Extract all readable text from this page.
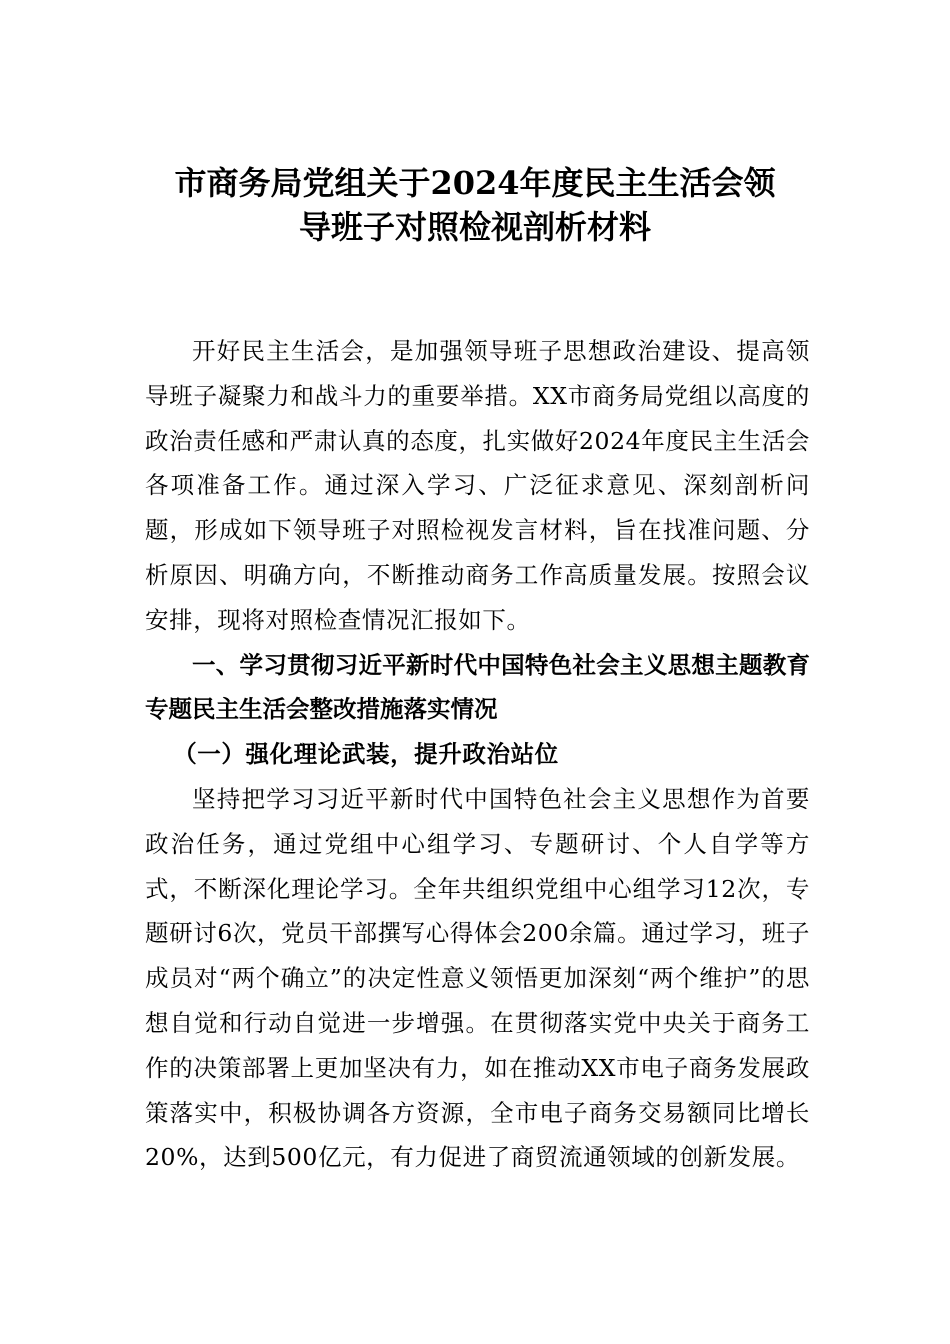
市商务局党组关于2024年度民主生活会领
导班子对照检视剖析材料

开好民主生活会，是加强领导班子思想政治建设、提高领导班子凝聚力和战斗力的重要举措。XX市商务局党组以高度的政治责任感和严肃认真的态度，扎实做好2024年度民主生活会各项准备工作。通过深入学习、广泛征求意见、深刻剖析问题，形成如下领导班子对照检视发言材料，旨在找准问题、分析原因、明确方向，不断推动商务工作高质量发展。按照会议安排，现将对照检查情况汇报如下。

一、学习贯彻习近平新时代中国特色社会主义思想主题教育专题民主生活会整改措施落实情况

（一）强化理论武装，提升政治站位

坚持把学习习近平新时代中国特色社会主义思想作为首要政治任务，通过党组中心组学习、专题研讨、个人自学等方式，不断深化理论学习。全年共组织党组中心组学习12次，专题研讨6次，党员干部撰写心得体会200余篇。通过学习，班子成员对“两个确立”的决定性意义领悟更加深刻“两个维护”的思想自觉和行动自觉进一步增强。在贯彻落实党中央关于商务工作的决策部署上更加坚决有力，如在推动XX市电子商务发展政策落实中，积极协调各方资源，全市电子商务交易额同比增长20%，达到500亿元，有力促进了商贸流通领域的创新发展。
